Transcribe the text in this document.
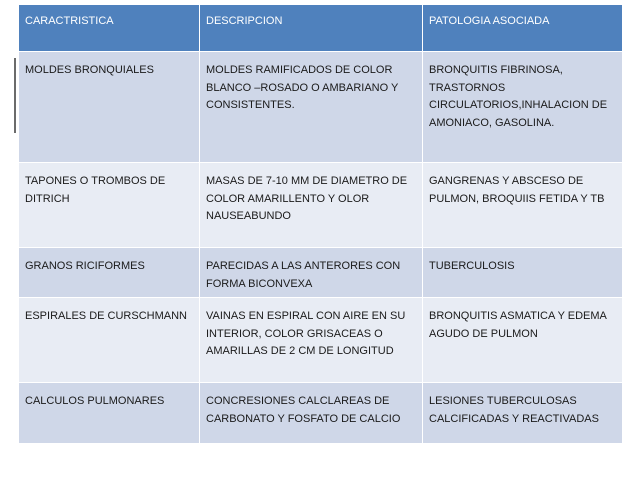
CARACTRISTICA	DESCRIPCION	PATOLOGIA ASOCIADA
MOLDES BRONQUIALES	MOLDES RAMIFICADOS DE COLOR BLANCO –ROSADO O AMBARIANO Y CONSISTENTES.	BRONQUITIS FIBRINOSA, TRASTORNOS CIRCULATORIOS,INHALACION DE AMONIACO, GASOLINA.
TAPONES O TROMBOS DE DITRICH	MASAS DE 7-10 MM DE DIAMETRO DE COLOR AMARILLENTO Y OLOR NAUSEABUNDO	GANGRENAS Y ABSCESO DE PULMON, BROQUIIS FETIDA Y TB
GRANOS RICIFORMES	PARECIDAS A LAS ANTERORES CON FORMA BICONVEXA	TUBERCULOSIS
ESPIRALES DE CURSCHMANN	VAINAS EN ESPIRAL CON AIRE EN SU INTERIOR, COLOR GRISACEAS O AMARILLAS DE 2 CM DE LONGITUD	BRONQUITIS ASMATICA Y EDEMA AGUDO DE PULMON
CALCULOS PULMONARES	CONCRESIONES CALCLAREAS DE CARBONATO Y FOSFATO DE CALCIO	LESIONES TUBERCULOSAS CALCIFICADAS Y REACTIVADAS
